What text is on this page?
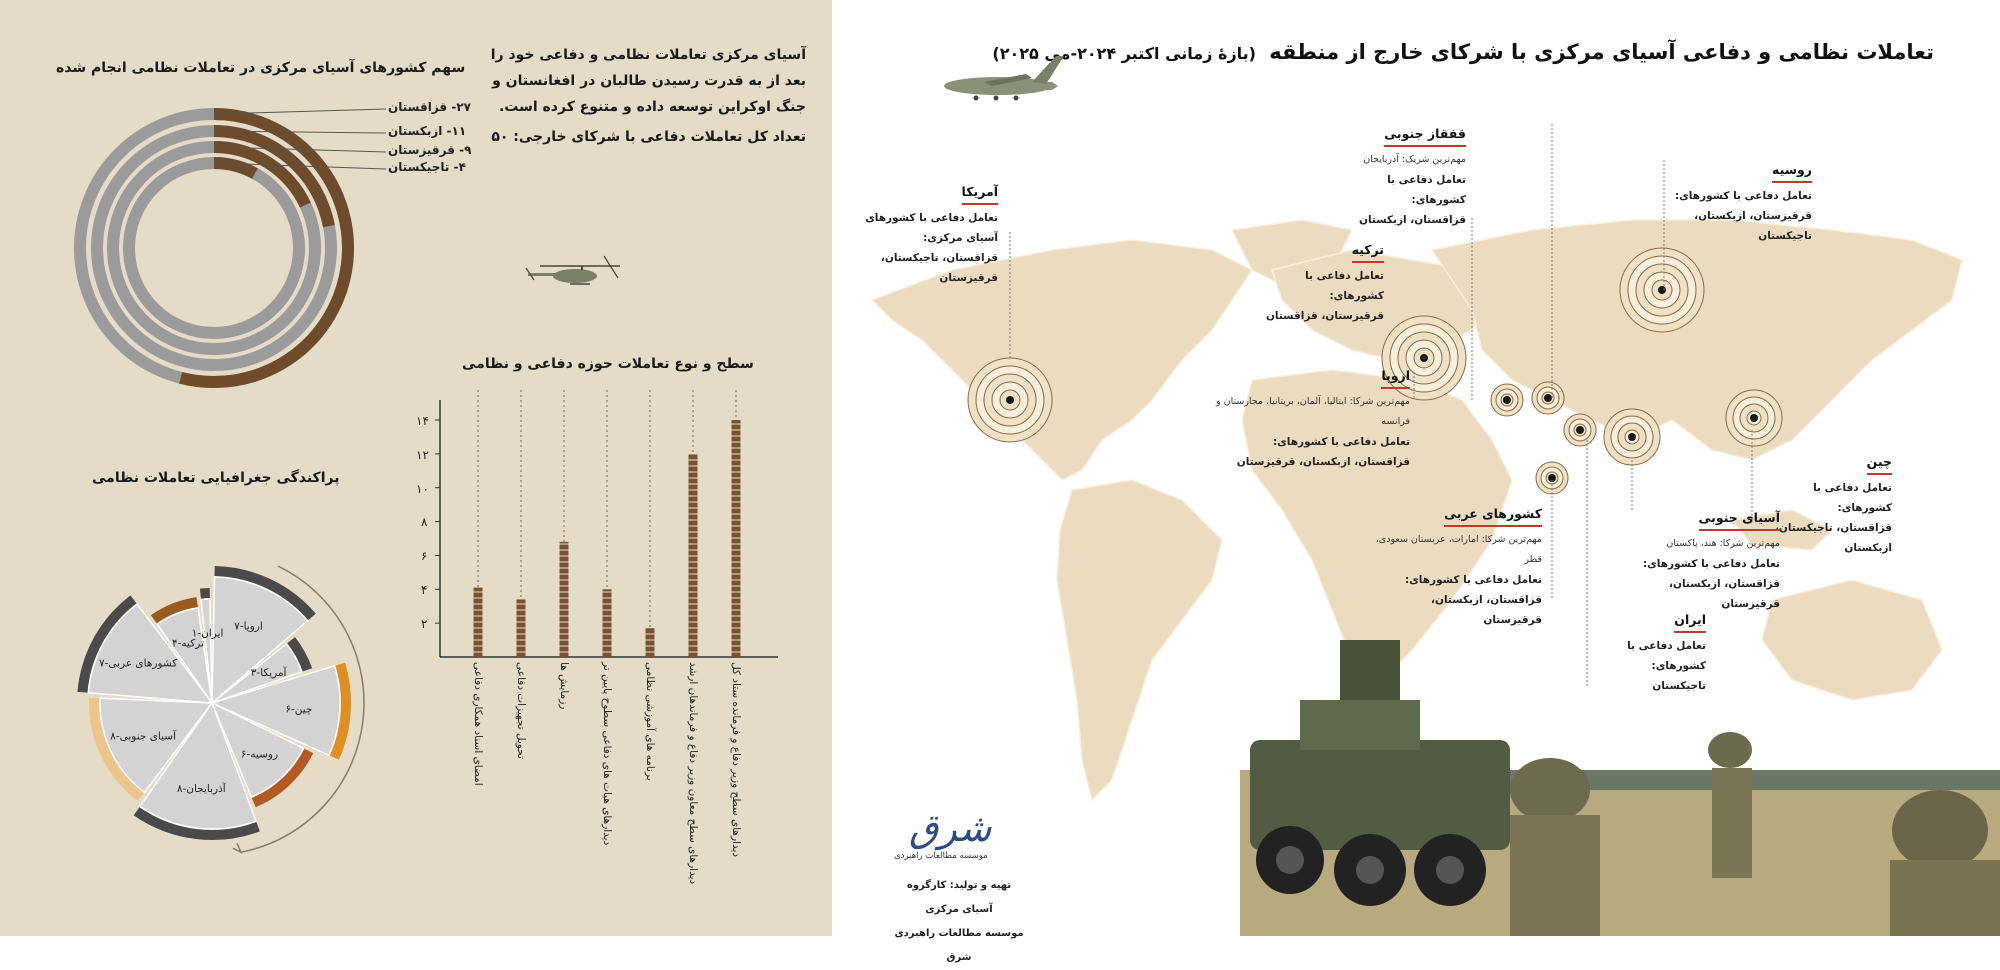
آسیای مرکزی تعاملات نظامی و دفاعی خود را بعد از به قدرت رسیدن طالبان در افغانستان و جنگ اوکراین توسعه داده و متنوع کرده است.
تعداد کل تعاملات دفاعی با شرکای خارجی: ۵۰
سهم کشورهای آسیای مرکزی در تعاملات نظامی انجام شده
۲۷- قزاقستان
۱۱- ازبکستان
۹- قرقیزستان
۴- تاجیکستان
سطح و نوع تعاملات حوزه دفاعی و نظامی
۱۴
۱۲
۱۰
۸
۶
۴
۲
دیدارهای سطح وزیر دفاع و فرمانده ستاد کل
دیدارهای سطح معاون وزیر دفاع و فرماندهان ارشد
برنامه های آموزشی نظامی
دیدارهای هیات های دفاعی سطوح پایین تر
رزمایش ها
تحویل تجهیزات دفاعی
امضای اسناد همکاری دفاعی
پراکندگی جغرافیایی تعاملات نظامی
اروپا-۷
آمریکا-۳
چین-۶
روسیه-۶
آذربایجان-۸
آسیای جنوبی-۸
کشورهای عربی-۷
ترکیه-۴
ایران-۱
تعاملات نظامی و دفاعی آسیای مرکزی با شرکای خارج از منطقه (بازهٔ زمانی اکتبر ۲۰۲۴-می ۲۰۲۵)
آمریکا
تعامل دفاعی با کشورهای آسیای مرکزی:
قزاقستان، تاجیکستان، قرقیزستان
قفقاز جنوبی
مهم‌ترین شریک: آذربایجان
تعامل دفاعی با کشورهای:
قزاقستان، ازبکستان
روسیه
تعامل دفاعی با کشورهای:
قرقیزستان، ازبکستان، تاجیکستان
ترکیه
تعامل دفاعی با کشورهای:
قرقیزستان، قزاقستان
اروپا
مهم‌ترین شرکا: ایتالیا، آلمان، بریتانیا، مجارستان و فرانسه
تعامل دفاعی با کشورهای:
قزاقستان، ازبکستان، قرقیزستان	چین
تعامل دفاعی با کشورهای:
قزاقستان، تاجیکستان، ازبکستان
کشورهای عربی
مهم‌ترین شرکا: امارات، عربستان سعودی، قطر
تعامل دفاعی با کشورهای:
قزاقستان، ازبکستان، قرقیزستان
آسیای جنوبی
مهم‌ترین شرکا: هند، پاکستان
تعامل دفاعی با کشورهای:
قزاقستان، ازبکستان، قرقیزستان
ایران
تعامل دفاعی با کشورهای:
تاجیکستان
شرق
موسسه مطالعات راهبردی
تهیه و تولید: کارگروه آسیای مرکزی
موسسه مطالعات راهبردی شرق
